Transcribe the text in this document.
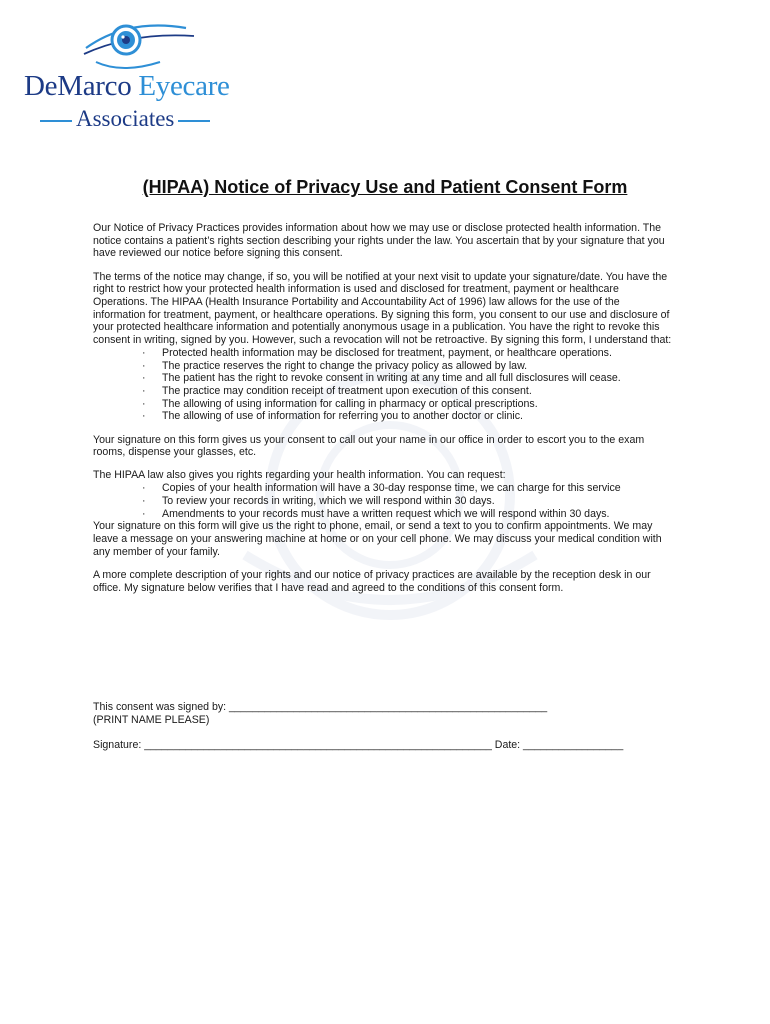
DeMarco Eyecare
Associates
(HIPAA) Notice of Privacy Use and Patient Consent Form

Our Notice of Privacy Practices provides information about how we may use or disclose protected health information. The notice contains a patient’s rights section describing your rights under the law. You ascertain that by your signature that you have reviewed our notice before signing this consent.

The terms of the notice may change, if so, you will be notified at your next visit to update your signature/date. You have the right to restrict how your protected health information is used and disclosed for treatment, payment or healthcare Operations. The HIPAA (Health Insurance Portability and Accountability Act of 1996) law allows for the use of the information for treatment, payment, or healthcare operations. By signing this form, you consent to our use and disclosure of your protected healthcare information and potentially anonymous usage in a publication. You have the right to revoke this consent in writing, signed by you. However, such a revocation will not be retroactive. By signing this form, I understand that:

· Protected health information may be disclosed for treatment, payment, or healthcare operations.
· The practice reserves the right to change the privacy policy as allowed by law.
· The patient has the right to revoke consent in writing at any time and all full disclosures will cease.
· The practice may condition receipt of treatment upon execution of this consent.
· The allowing of using information for calling in pharmacy or optical prescriptions.
· The allowing of use of information for referring you to another doctor or clinic.

Your signature on this form gives us your consent to call out your name in our office in order to escort you to the exam rooms, dispense your glasses, etc.

The HIPAA law also gives you rights regarding your health information. You can request:

· Copies of your health information will have a 30-day response time, we can charge for this service
· To review your records in writing, which we will respond within 30 days.
· Amendments to your records must have a written request which we will respond within 30 days.

Your signature on this form will give us the right to phone, email, or send a text to you to confirm appointments. We may leave a message on your answering machine at home or on your cell phone. We may discuss your medical condition with any member of your family.

A more complete description of your rights and our notice of privacy practices are available by the reception desk in our office. My signature below verifies that I have read and agreed to the conditions of this consent form.

This consent was signed by: ______________________________________________________
(PRINT NAME PLEASE)
Signature: ___________________________________________________________ Date: _________________
